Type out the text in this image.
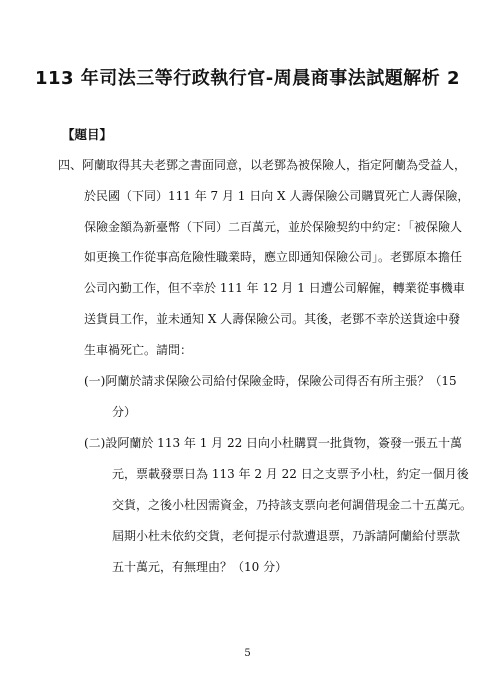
113 年司法三等行政執行官-周晨商事法試題解析 2
【題目】
四、阿蘭取得其夫老鄧之書面同意，以老鄧為被保險人，指定阿蘭為受益人，
於民國（下同）111 年 7 月 1 日向 X 人壽保險公司購買死亡人壽保險，
保險金額為新臺幣（下同）二百萬元，並於保險契約中約定：「被保險人
如更換工作從事高危險性職業時，應立即通知保險公司」。老鄧原本擔任
公司內勤工作，但不幸於 111 年 12 月 1 日遭公司解僱，轉業從事機車
送貨員工作，並未通知 X 人壽保險公司。其後，老鄧不幸於送貨途中發
生車禍死亡。請問：
(一)阿蘭於請求保險公司給付保險金時，保險公司得否有所主張？（15
分）
(二)設阿蘭於 113 年 1 月 22 日向小杜購買一批貨物，簽發一張五十萬
元，票載發票日為 113 年 2 月 22 日之支票予小杜，約定一個月後
交貨，之後小杜因需資金，乃持該支票向老何調借現金二十五萬元。
屆期小杜未依約交貨，老何提示付款遭退票，乃訴請阿蘭給付票款
五十萬元，有無理由？（10 分）
5
